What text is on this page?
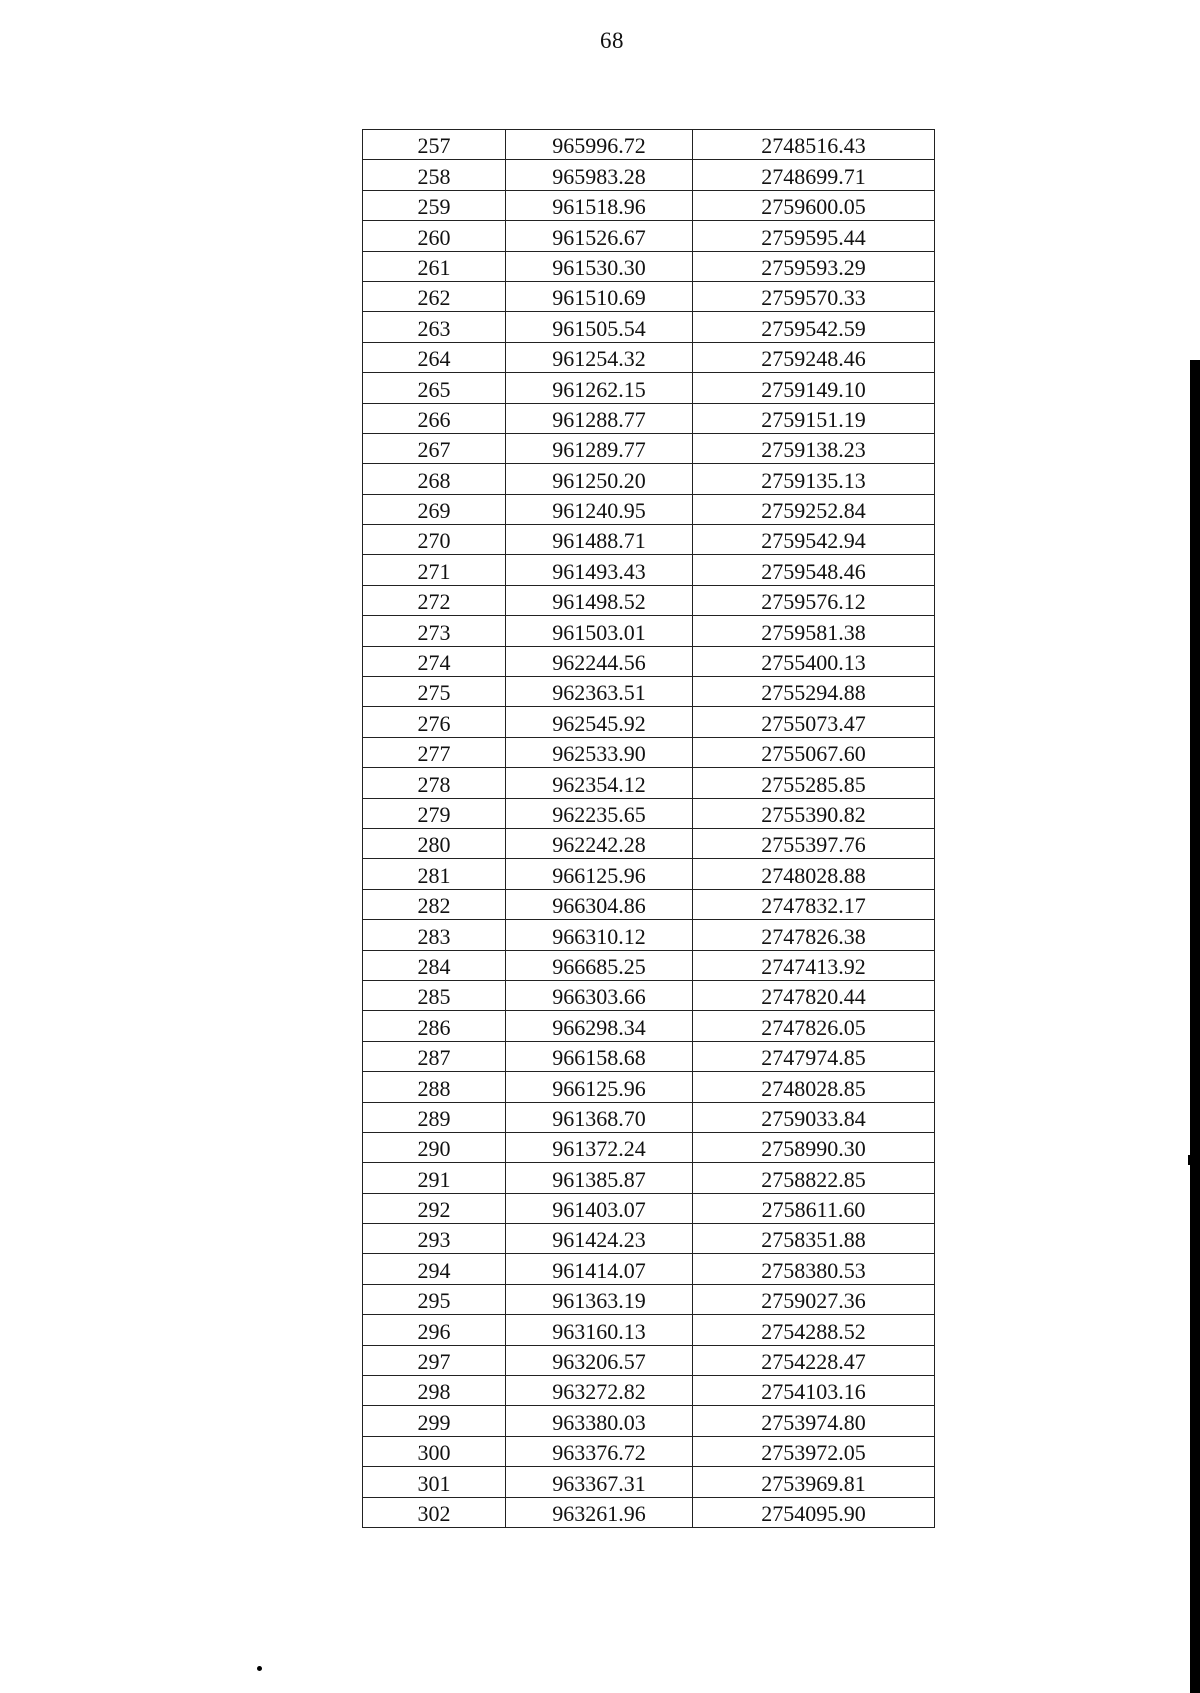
68
257	965996.72	2748516.43
258	965983.28	2748699.71
259	961518.96	2759600.05
260	961526.67	2759595.44
261	961530.30	2759593.29
262	961510.69	2759570.33
263	961505.54	2759542.59
264	961254.32	2759248.46
265	961262.15	2759149.10
266	961288.77	2759151.19
267	961289.77	2759138.23
268	961250.20	2759135.13
269	961240.95	2759252.84
270	961488.71	2759542.94
271	961493.43	2759548.46
272	961498.52	2759576.12
273	961503.01	2759581.38
274	962244.56	2755400.13
275	962363.51	2755294.88
276	962545.92	2755073.47
277	962533.90	2755067.60
278	962354.12	2755285.85
279	962235.65	2755390.82
280	962242.28	2755397.76
281	966125.96	2748028.88
282	966304.86	2747832.17
283	966310.12	2747826.38
284	966685.25	2747413.92
285	966303.66	2747820.44
286	966298.34	2747826.05
287	966158.68	2747974.85
288	966125.96	2748028.85
289	961368.70	2759033.84
290	961372.24	2758990.30
291	961385.87	2758822.85
292	961403.07	2758611.60
293	961424.23	2758351.88
294	961414.07	2758380.53
295	961363.19	2759027.36
296	963160.13	2754288.52
297	963206.57	2754228.47
298	963272.82	2754103.16
299	963380.03	2753974.80
300	963376.72	2753972.05
301	963367.31	2753969.81
302	963261.96	2754095.90
